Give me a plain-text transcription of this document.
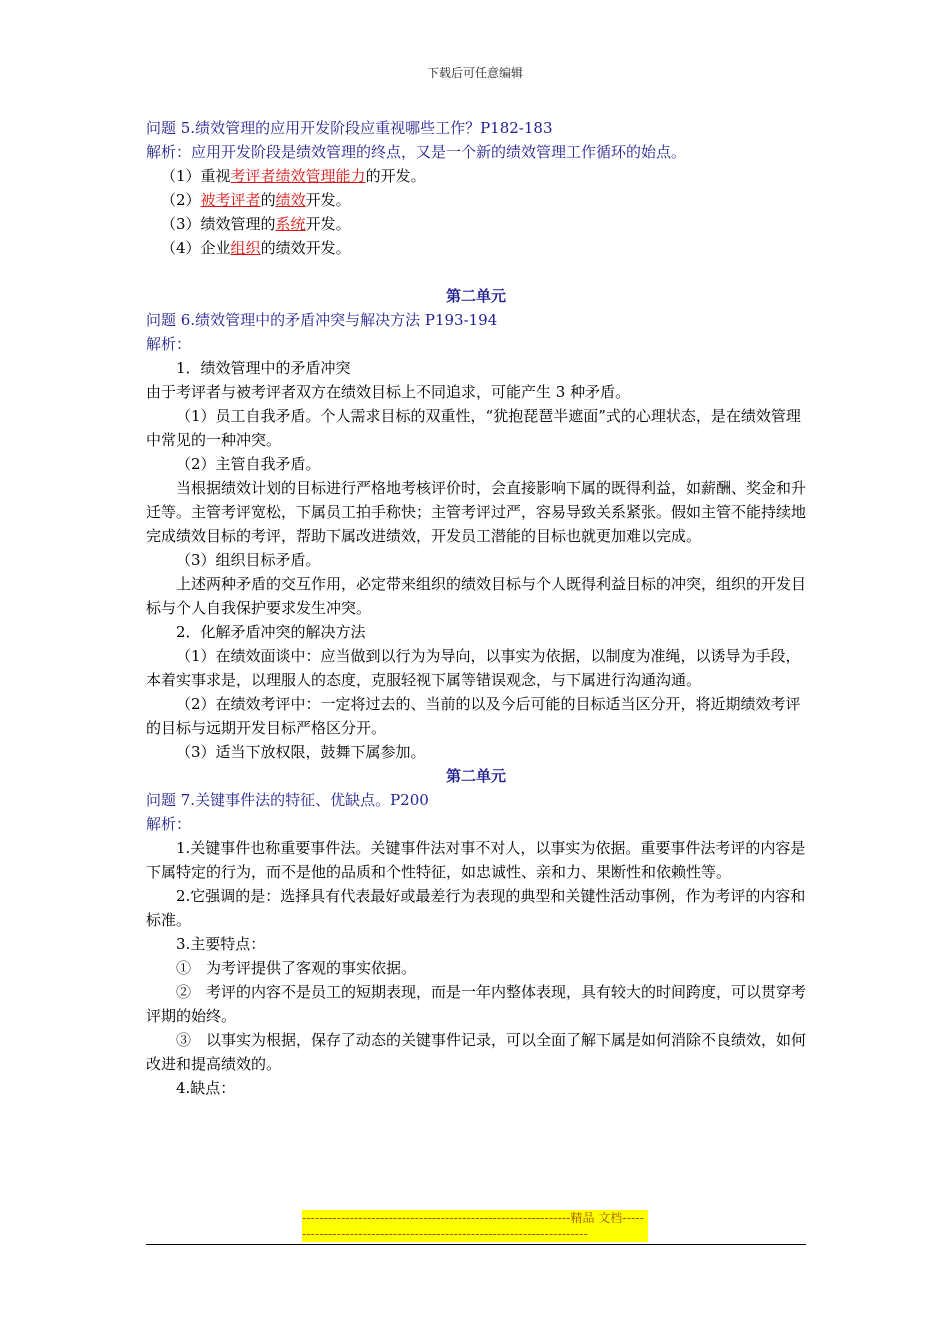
下载后可任意编辑

问题 5.绩效管理的应用开发阶段应重视哪些工作？P182-183

解析：应用开发阶段是绩效管理的终点，又是一个新的绩效管理工作循环的始点。

（1）重视考评者绩效管理能力的开发。

（2）被考评者的绩效开发。

（3）绩效管理的系统开发。

（4）企业组织的绩效开发。

第二单元

问题 6.绩效管理中的矛盾冲突与解决方法 P193-194

解析：

1．绩效管理中的矛盾冲突

由于考评者与被考评者双方在绩效目标上不同追求，可能产生 3 种矛盾。

（1）员工自我矛盾。个人需求目标的双重性，“犹抱琵琶半遮面”式的心理状态，是在绩效管理中常见的一种冲突。

（2）主管自我矛盾。

当根据绩效计划的目标进行严格地考核评价时，会直接影响下属的既得利益，如薪酬、奖金和升迁等。主管考评宽松，下属员工拍手称快；主管考评过严，容易导致关系紧张。假如主管不能持续地完成绩效目标的考评，帮助下属改进绩效，开发员工潜能的目标也就更加难以完成。

（3）组织目标矛盾。

上述两种矛盾的交互作用，必定带来组织的绩效目标与个人既得利益目标的冲突，组织的开发目标与个人自我保护要求发生冲突。

2．化解矛盾冲突的解决方法

（1）在绩效面谈中：应当做到以行为为导向，以事实为依据，以制度为准绳，以诱导为手段，本着实事求是，以理服人的态度，克服轻视下属等错误观念，与下属进行沟通沟通。

（2）在绩效考评中：一定将过去的、当前的以及今后可能的目标适当区分开，将近期绩效考评的目标与远期开发目标严格区分开。

（3）适当下放权限，鼓舞下属参加。

第二单元

问题 7.关键事件法的特征、优缺点。P200

解析：

1.关键事件也称重要事件法。关键事件法对事不对人，以事实为依据。重要事件法考评的内容是下属特定的行为，而不是他的品质和个性特征，如忠诚性、亲和力、果断性和依赖性等。

2.它强调的是：选择具有代表最好或最差行为表现的典型和关键性活动事例，作为考评的内容和标准。

3.主要特点：

①　为考评提供了客观的事实依据。

②　考评的内容不是员工的短期表现，而是一年内整体表现，具有较大的时间跨度，可以贯穿考评期的始终。

③　以事实为根据，保存了动态的关键事件记录，可以全面了解下属是如何消除不良绩效，如何改进和提高绩效的。

4.缺点：

--------------------------------------------------------------精品 文档-----------------------------------------------------------------------
